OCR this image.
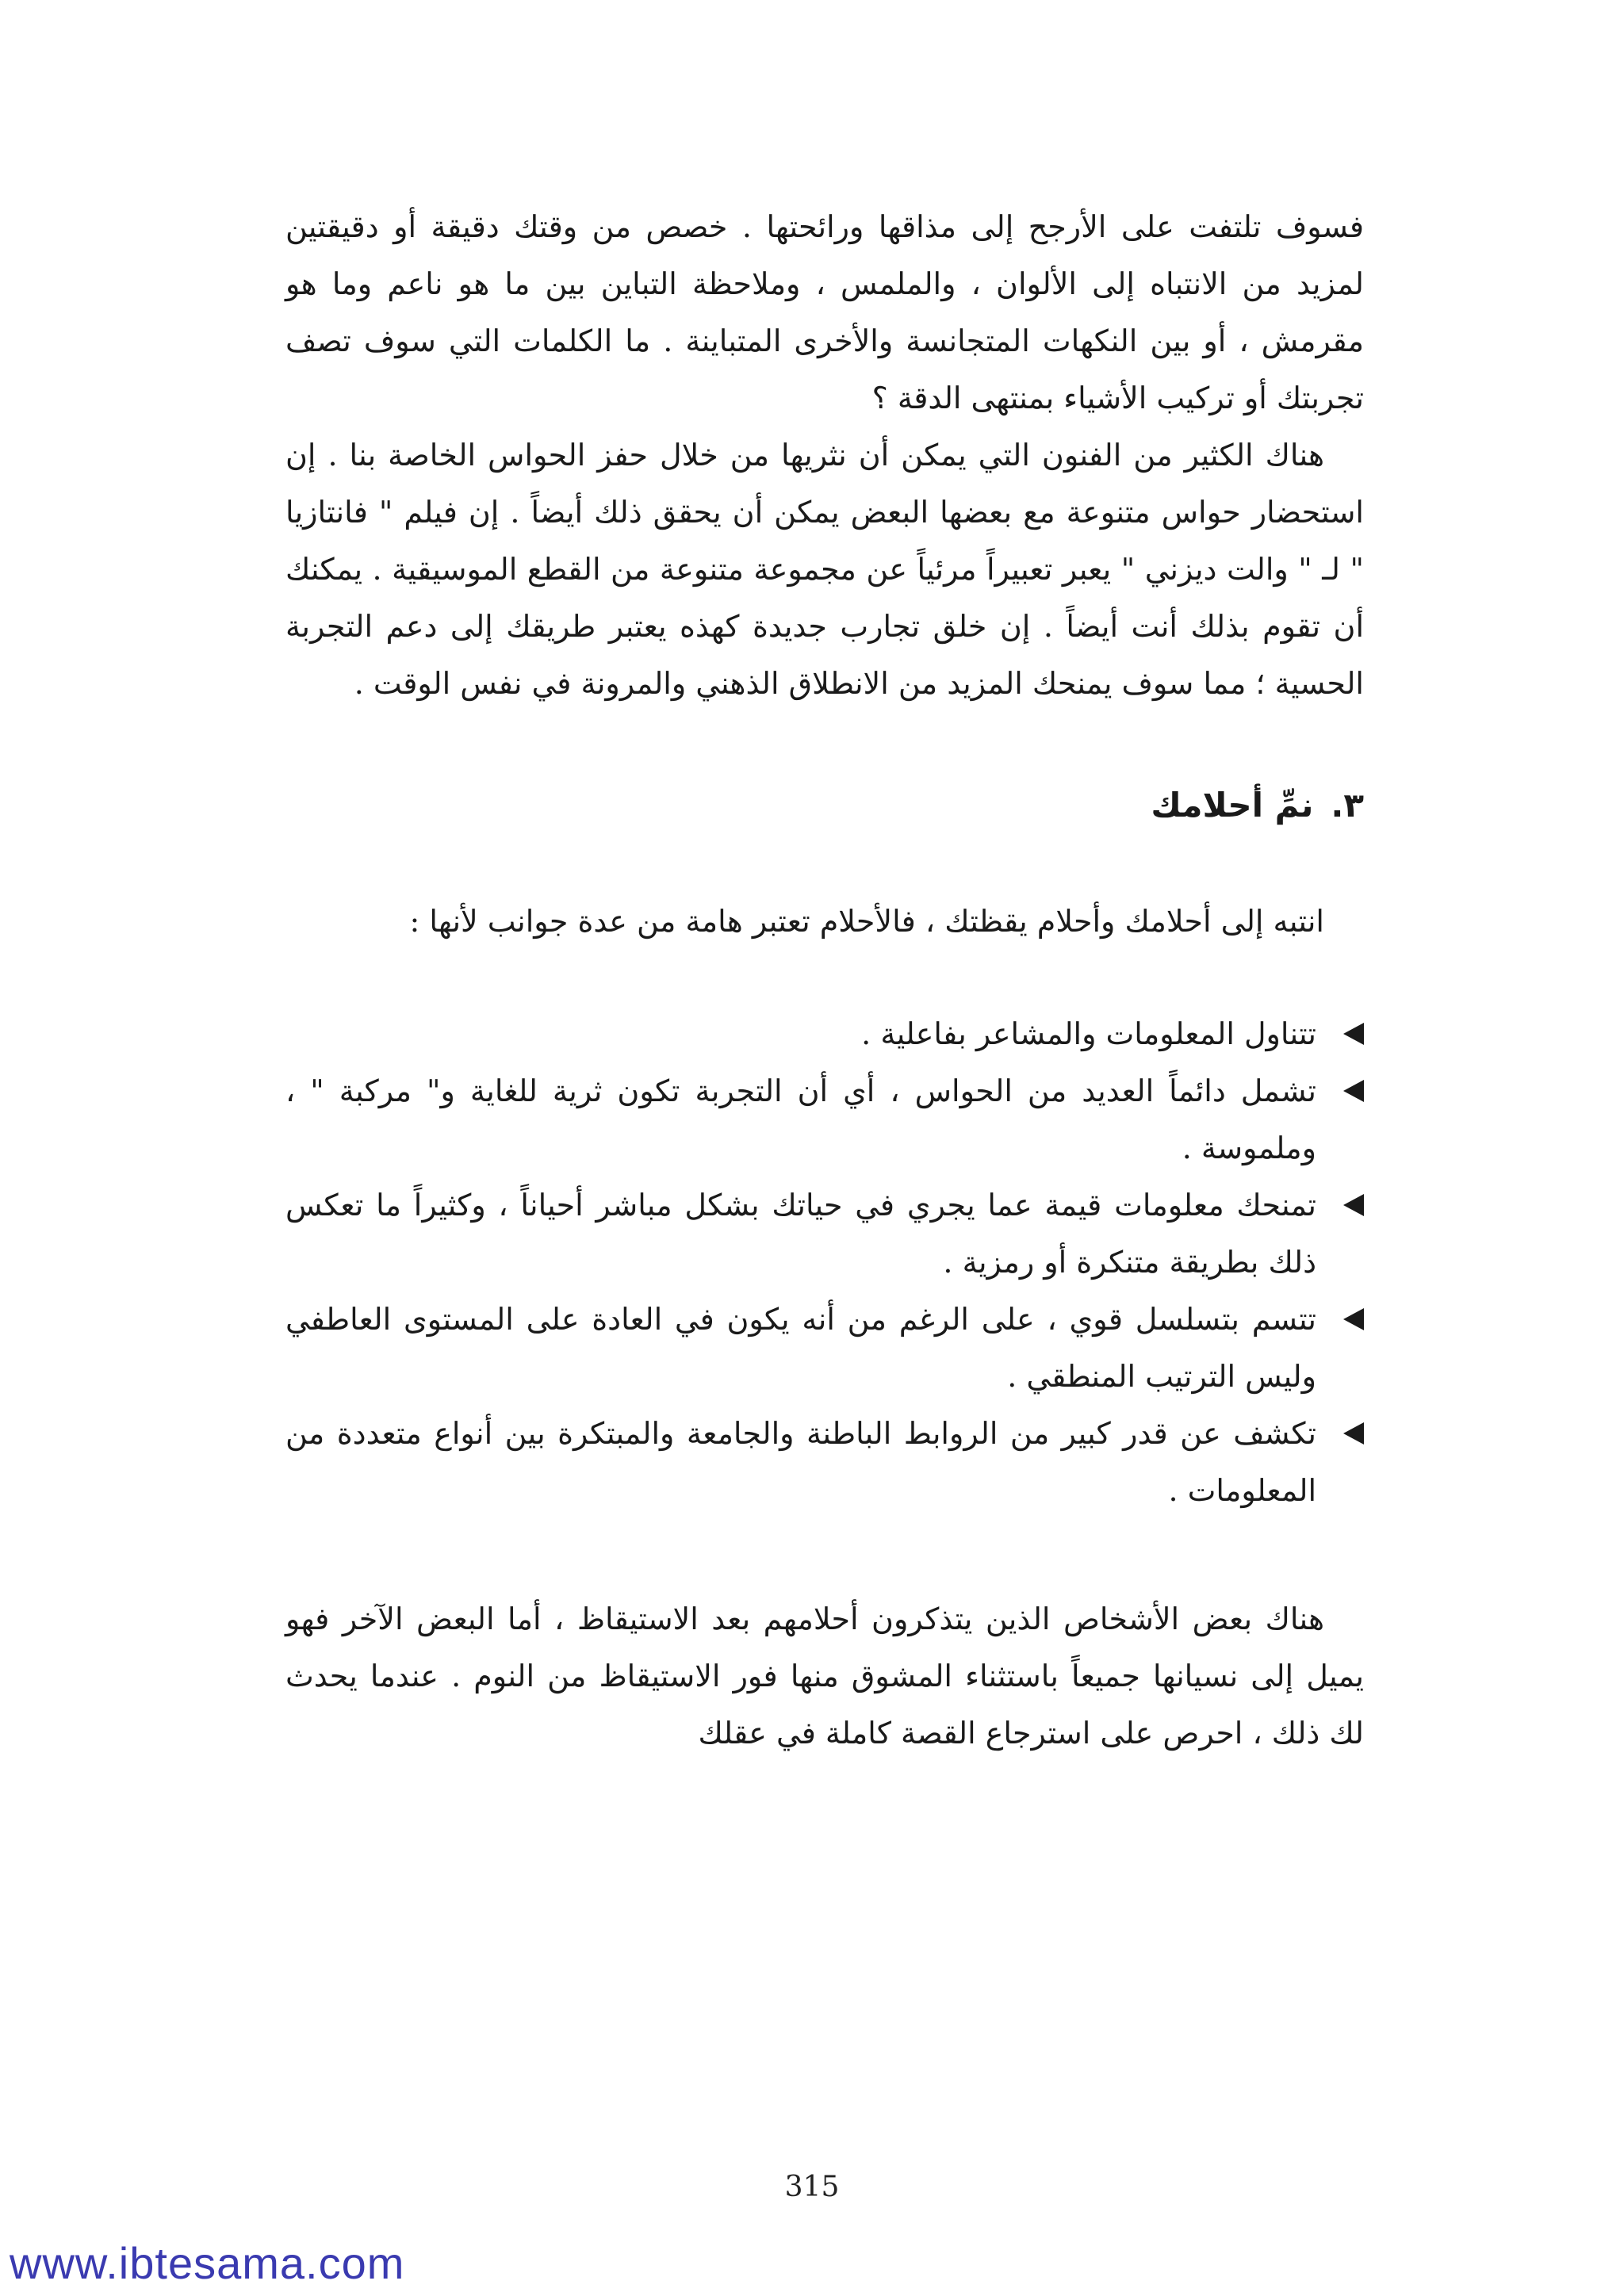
فسوف تلتفت على الأرجح إلى مذاقها ورائحتها . خصص من وقتك دقيقة أو دقيقتين لمزيد من الانتباه إلى الألوان ، والملمس ، وملاحظة التباين بين ما هو ناعم وما هو مقرمش ، أو بين النكهات المتجانسة والأخرى المتباينة . ما الكلمات التي سوف تصف تجربتك أو تركيب الأشياء بمنتهى الدقة ؟

هناك الكثير من الفنون التي يمكن أن نثريها من خلال حفز الحواس الخاصة بنا . إن استحضار حواس متنوعة مع بعضها البعض يمكن أن يحقق ذلك أيضاً . إن فيلم " فانتازيا " لـ " والت ديزني " يعبر تعبيراً مرئياً عن مجموعة متنوعة من القطع الموسيقية . يمكنك أن تقوم بذلك أنت أيضاً . إن خلق تجارب جديدة كهذه يعتبر طريقك إلى دعم التجربة الحسية ؛ مما سوف يمنحك المزيد من الانطلاق الذهني والمرونة في نفس الوقت .

٣.
نمِّ أحلامك

انتبه إلى أحلامك وأحلام يقظتك ، فالأحلام تعتبر هامة من عدة جوانب لأنها :

تتناول المعلومات والمشاعر بفاعلية .
تشمل دائماً العديد من الحواس ، أي أن التجربة تكون ثرية للغاية و" مركبة " ، وملموسة .
تمنحك معلومات قيمة عما يجري في حياتك بشكل مباشر أحياناً ، وكثيراً ما تعكس ذلك بطريقة متنكرة أو رمزية .
تتسم بتسلسل قوي ، على الرغم من أنه يكون في العادة على المستوى العاطفي وليس الترتيب المنطقي .
تكشف عن قدر كبير من الروابط الباطنة والجامعة والمبتكرة بين أنواع متعددة من المعلومات .

هناك بعض الأشخاص الذين يتذكرون أحلامهم بعد الاستيقاظ ، أما البعض الآخر فهو يميل إلى نسيانها جميعاً باستثناء المشوق منها فور الاستيقاظ من النوم . عندما يحدث لك ذلك ، احرص على استرجاع القصة كاملة في عقلك

315
www.ibtesama.com
